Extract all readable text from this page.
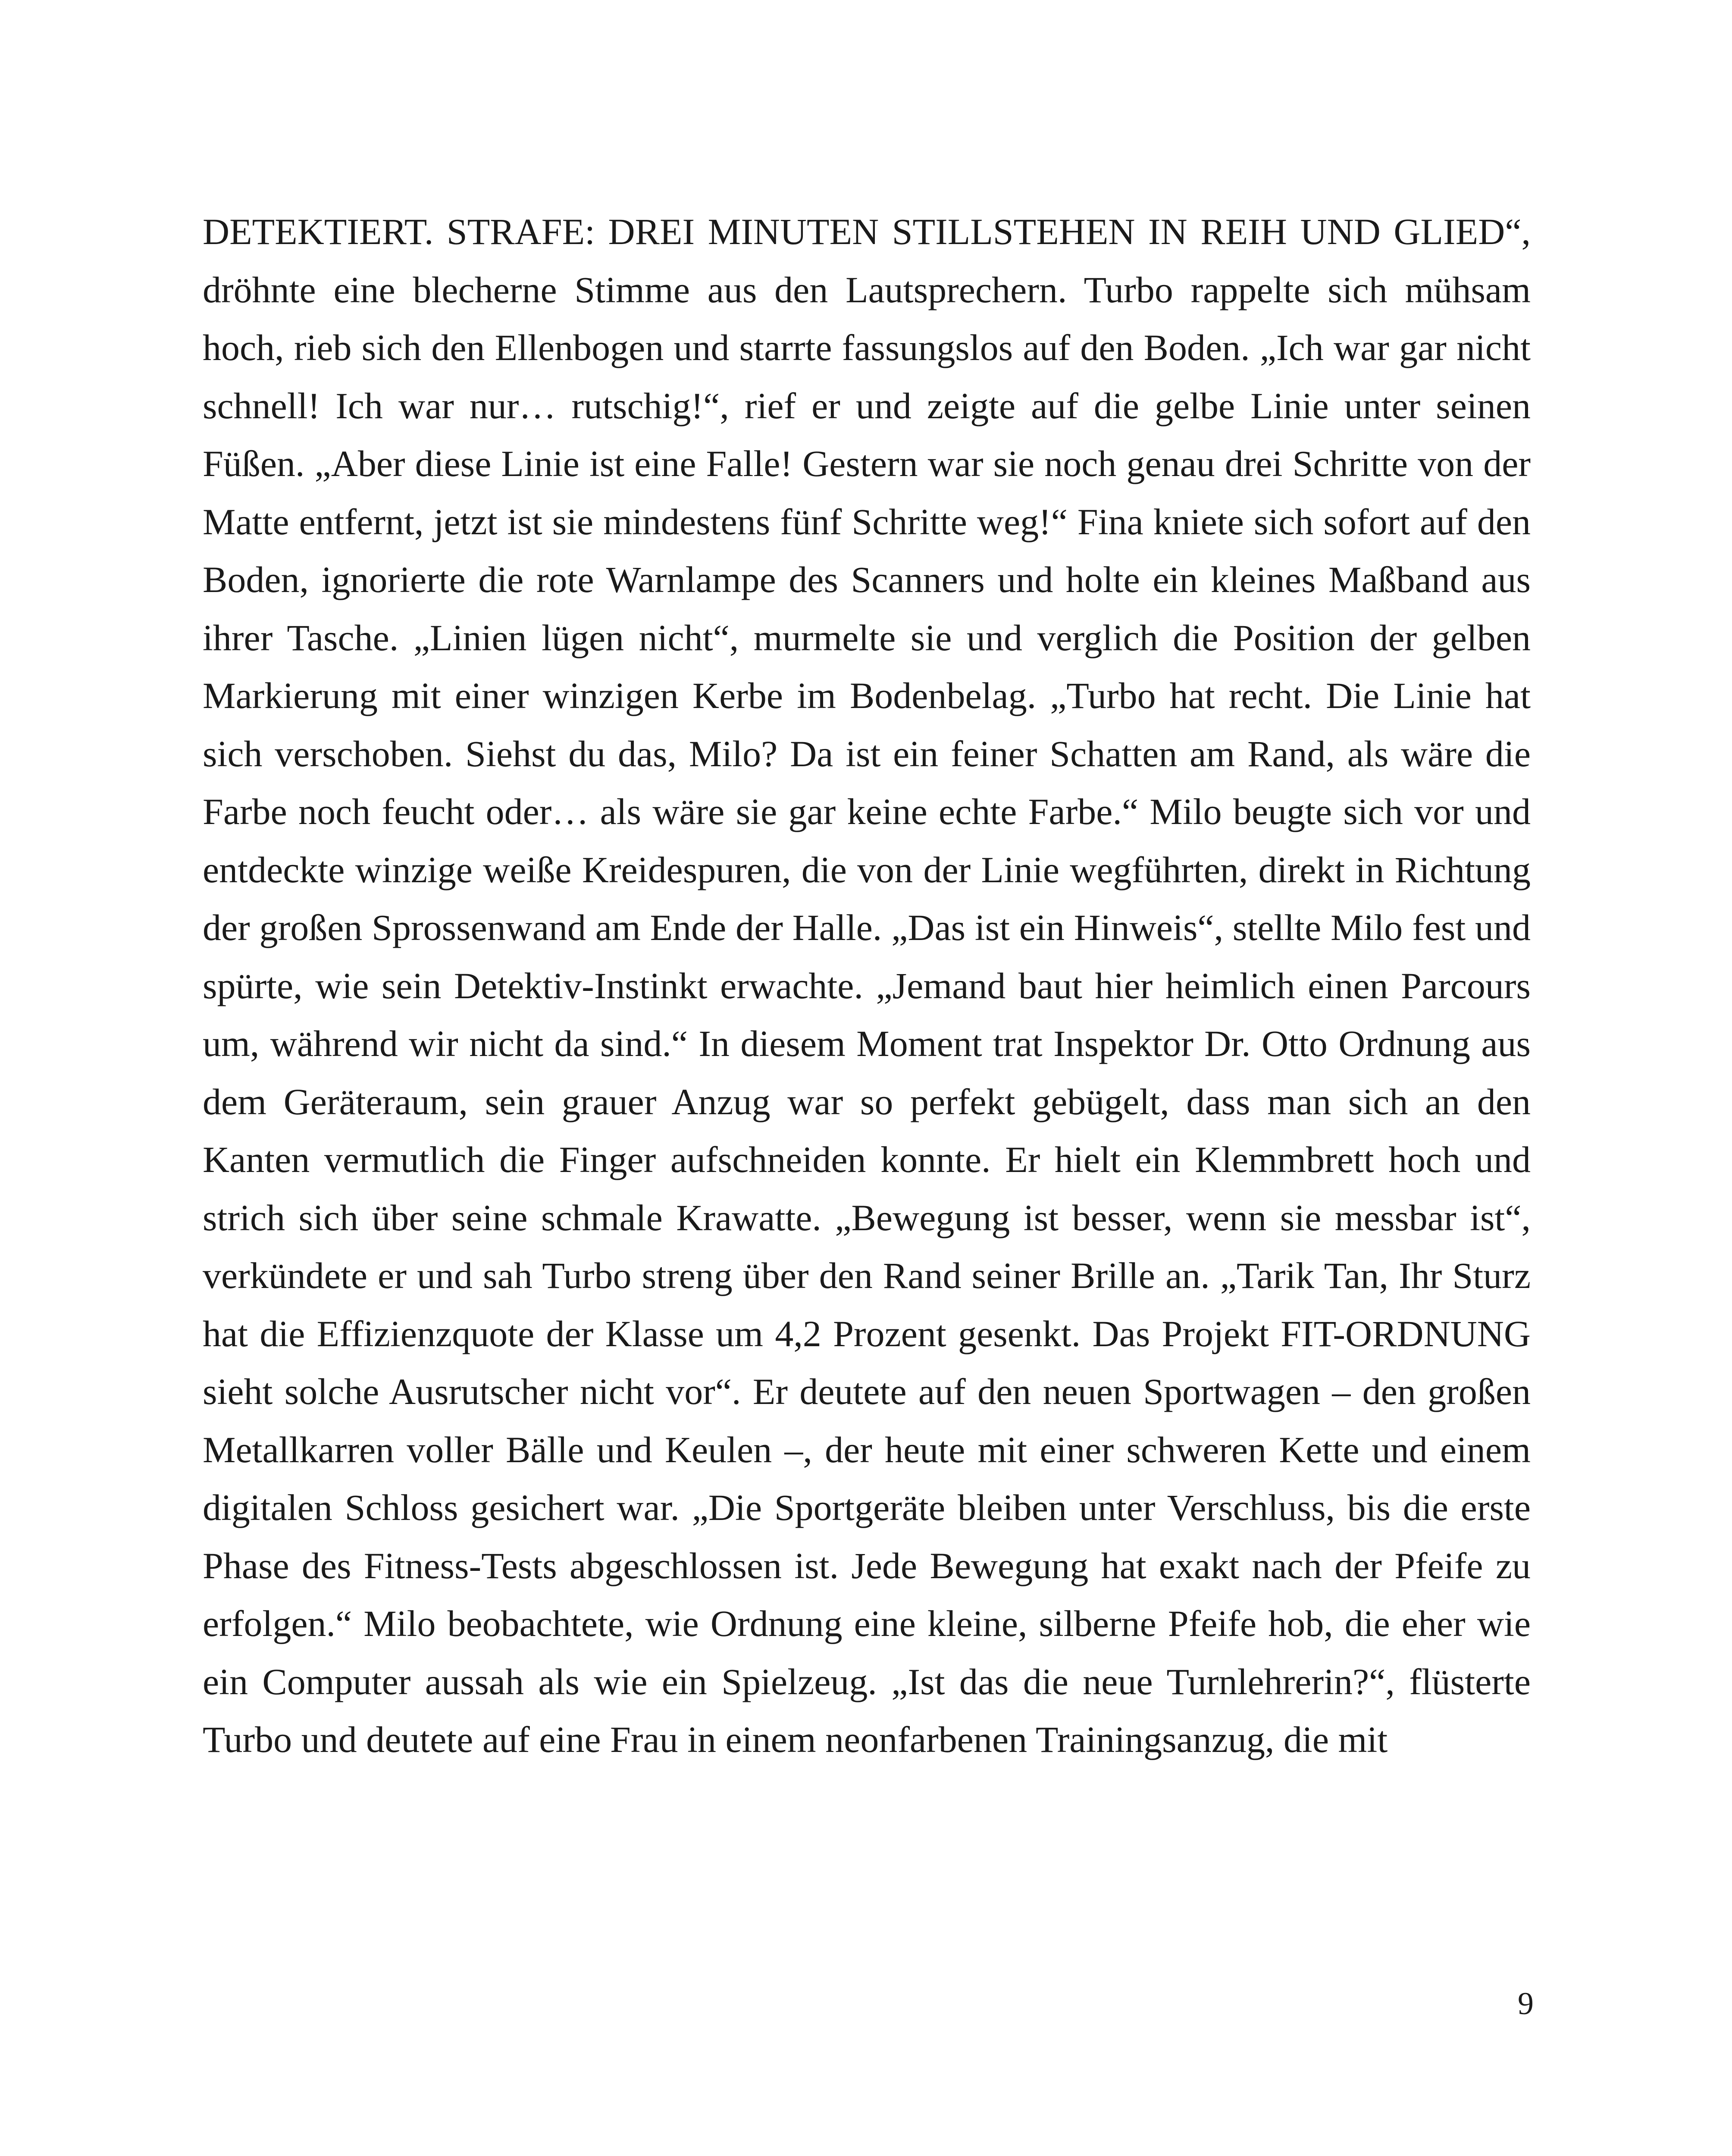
DETEKTIERT. STRAFE: DREI MINUTEN STILLSTEHEN IN REIH UND GLIED“, dröhnte eine blecherne Stimme aus den Lautsprechern. Turbo rappelte sich mühsam hoch, rieb sich den Ellenbogen und starrte fassungslos auf den Boden. „Ich war gar nicht schnell! Ich war nur… rutschig!“, rief er und zeigte auf die gelbe Linie unter seinen Füßen. „Aber diese Linie ist eine Falle! Gestern war sie noch genau drei Schritte von der Matte entfernt, jetzt ist sie mindestens fünf Schritte weg!“ Fina kniete sich sofort auf den Boden, ignorierte die rote Warnlampe des Scanners und holte ein kleines Maßband aus ihrer Tasche. „Linien lügen nicht“, murmelte sie und verglich die Position der gelben Markierung mit einer winzigen Kerbe im Bodenbelag. „Turbo hat recht. Die Linie hat sich verschoben. Siehst du das, Milo? Da ist ein feiner Schatten am Rand, als wäre die Farbe noch feucht oder… als wäre sie gar keine echte Farbe.“ Milo beugte sich vor und entdeckte winzige weiße Kreidespuren, die von der Linie wegführten, direkt in Richtung der großen Sprossenwand am Ende der Halle. „Das ist ein Hinweis“, stellte Milo fest und spürte, wie sein Detektiv-Instinkt erwachte. „Jemand baut hier heimlich einen Parcours um, während wir nicht da sind.“ In diesem Moment trat Inspektor Dr. Otto Ordnung aus dem Geräteraum, sein grauer Anzug war so perfekt gebügelt, dass man sich an den Kanten vermutlich die Finger aufschneiden konnte. Er hielt ein Klemmbrett hoch und strich sich über seine schmale Krawatte. „Bewegung ist besser, wenn sie messbar ist“, verkündete er und sah Turbo streng über den Rand seiner Brille an. „Tarik Tan, Ihr Sturz hat die Effizienzquote der Klasse um 4,2 Prozent gesenkt. Das Projekt FIT-ORDNUNG sieht solche Ausrutscher nicht vor“. Er deutete auf den neuen Sportwagen – den großen Metallkarren voller Bälle und Keulen –, der heute mit einer schweren Kette und einem digitalen Schloss gesichert war. „Die Sportgeräte bleiben unter Verschluss, bis die erste Phase des Fitness-Tests abgeschlossen ist. Jede Bewegung hat exakt nach der Pfeife zu erfolgen.“ Milo beobachtete, wie Ordnung eine kleine, silberne Pfeife hob, die eher wie ein Computer aussah als wie ein Spielzeug. „Ist das die neue Turnlehrerin?“, flüsterte Turbo und deutete auf eine Frau in einem neonfarbenen Trainingsanzug, die mit

9
